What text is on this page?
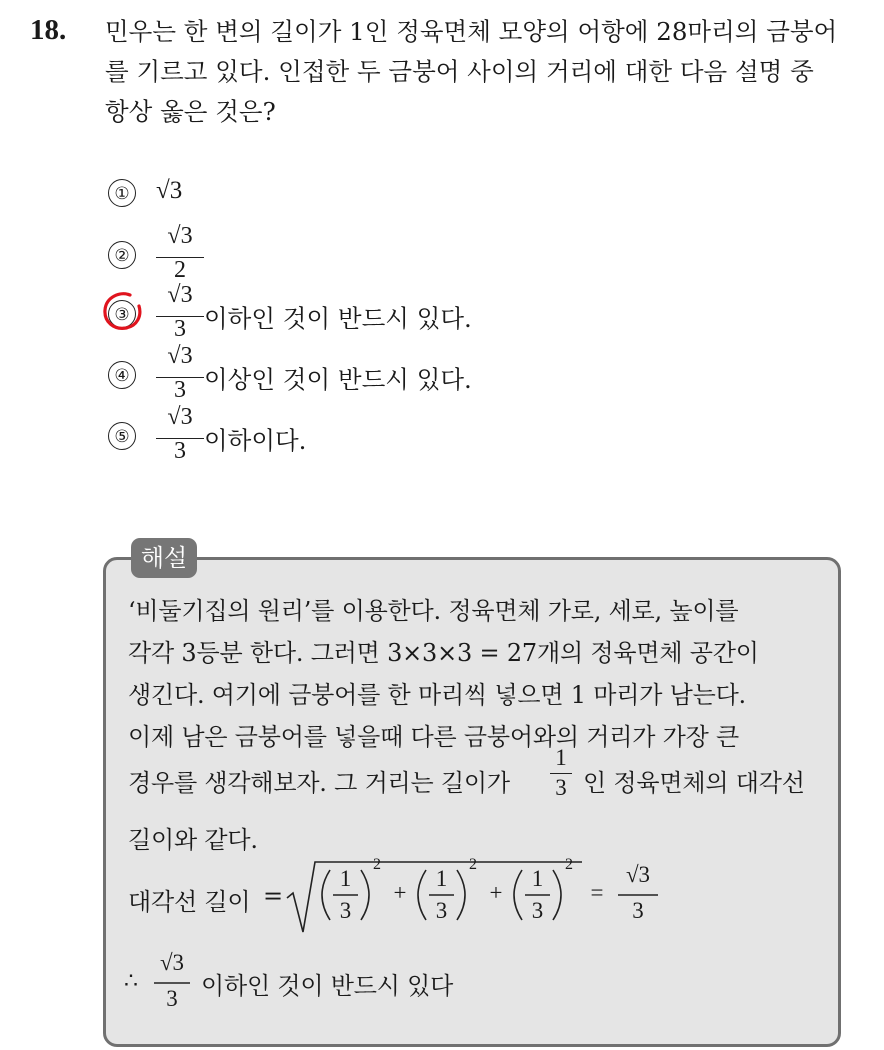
18. 민우는 한 변의 길이가 1인 정육면체 모양의 어항에 28마리의 금붕어
를 기르고 있다. 인접한 두 금붕어 사이의 거리에 대한 다음 설명 중
항상 옳은 것은?
① √3
②
√3
2
③
√3
3 이하인 것이 반드시 있다.
④
√3
3 이상인 것이 반드시 있다.
⑤
√3
3 이하이다.
해설
‘비둘기집의 원리’를 이용한다. 정육면체 가로, 세로, 높이를
각각 3등분 한다. 그러면 3×3×3 = 27개의 정육면체 공간이
생긴다. 여기에 금붕어를 한 마리씩 넣으면 1 마리가 남는다.
이제 남은 금붕어를 넣을때 다른 금붕어와의 거리가 가장 큰
경우를 생각해보자. 그 거리는 길이가
1
3 인 정육면체의 대각선
길이와 같다.
대각선 길이 =
1
3
2
+
1
3
2
+
1
3
2
=
√3
3
∴
√3
3 이하인 것이 반드시 있다
